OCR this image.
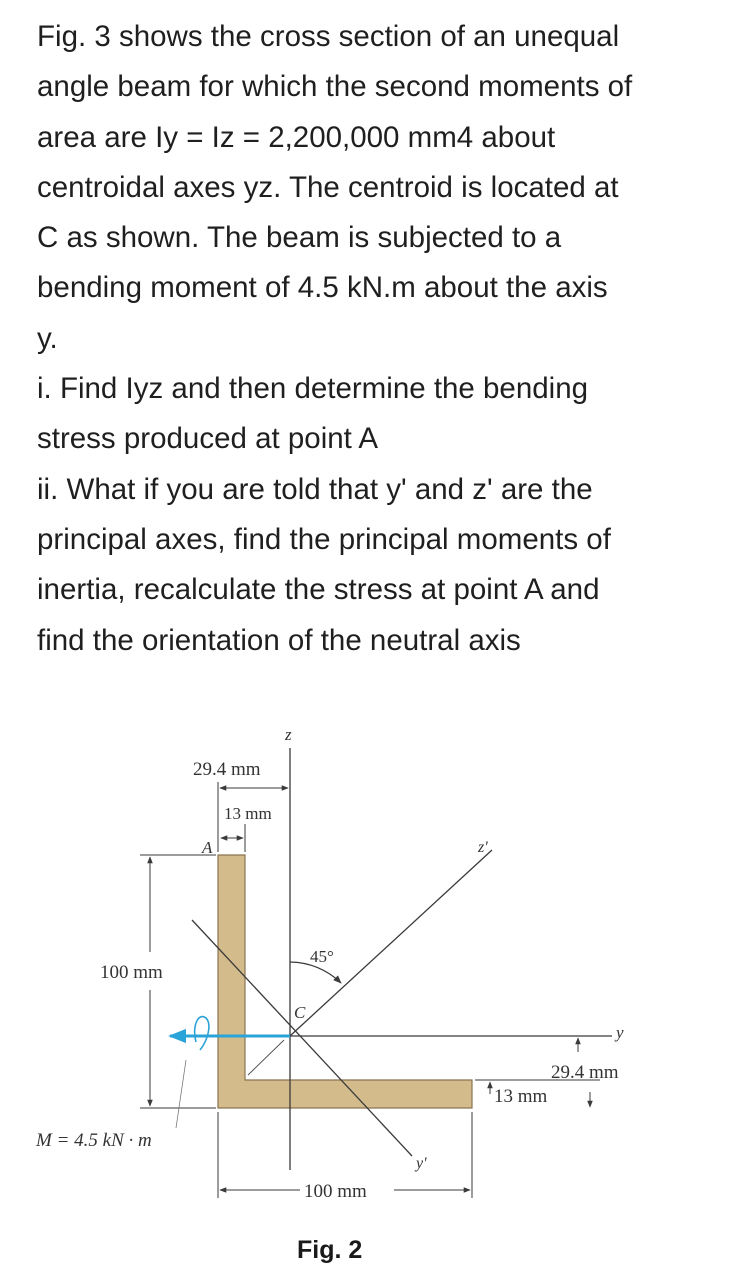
Fig. 3 shows the cross section of an unequal

angle beam for which the second moments of

area are Iy = Iz = 2,200,000 mm4 about

centroidal axes yz. The centroid is located at

C as shown. The beam is subjected to a

bending moment of 4.5 kN.m about the axis

y.

i. Find Iyz and then determine the bending

stress produced at point A

ii. What if you are told that y' and z' are the

principal axes, find the principal moments of

inertia, recalculate the stress at point A and

find the orientation of the neutral axis

z
29.4 mm
13 mm
A	z'
100 mm
45°
C
y
29.4 mm
13 mm
M = 4.5 kN · m
y'
100 mm
Fig. 2
